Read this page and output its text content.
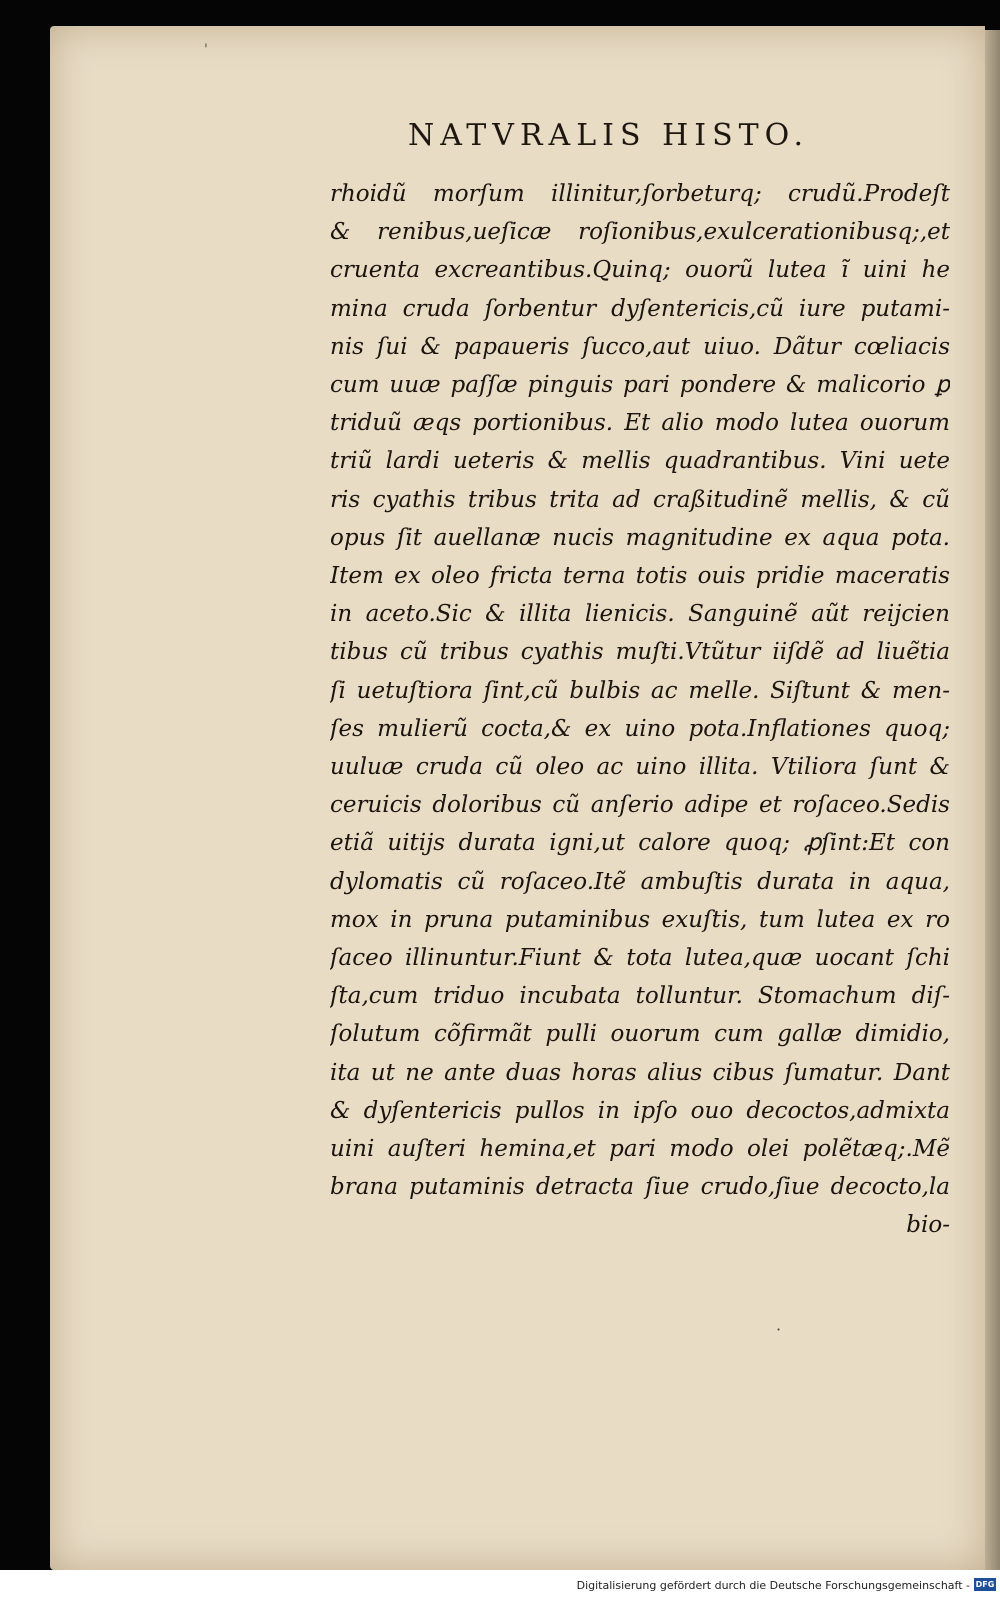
'
·
NATVRALIS HISTO.
rhoidũ morſum illinitur,ſorbeturq; crudũ.Prodeſt
& renibus,ueſicæ roſionibus,exulcerationibusq;,et
cruenta excreantibus.Quinq; ouorũ lutea ĩ uini he
mina cruda ſorbentur dyſentericis,cũ iure putami-
nis ſui & papaueris ſucco,aut uiuo. Dãtur cœliacis
cum uuæ paſſæ pinguis pari pondere & malicorio ꝑ
triduũ æqs portionibus. Et alio modo lutea ouorum
triũ lardi ueteris & mellis quadrantibus. Vini uete
ris cyathis tribus trita ad craßitudinẽ mellis, & cũ
opus ſit auellanæ nucis magnitudine ex aqua pota.
Item ex oleo fricta terna totis ouis pridie maceratis
in aceto.Sic & illita lienicis. Sanguinẽ aũt reijcien
tibus cũ tribus cyathis muſti.Vtũtur iiſdẽ ad liuẽtia
ſi uetuſtiora ſint,cũ bulbis ac melle. Siſtunt & men-
ſes mulierũ cocta,& ex uino pota.Inflationes quoq;
uuluæ cruda cũ oleo ac uino illita. Vtiliora ſunt &
ceruicis doloribus cũ anſerio adipe et roſaceo.Sedis
etiã uitijs durata igni,ut calore quoq; ꝓſint:Et con
dylomatis cũ roſaceo.Itẽ ambuſtis durata in aqua,
mox in pruna putaminibus exuſtis, tum lutea ex ro
ſaceo illinuntur.Fiunt & tota lutea,quæ uocant ſchi
ſta,cum triduo incubata tolluntur. Stomachum diſ-
ſolutum cõfirmãt pulli ouorum cum gallæ dimidio,
ita ut ne ante duas horas alius cibus ſumatur. Dant
& dyſentericis pullos in ipſo ouo decoctos,admixta
uini auſteri hemina,et pari modo olei polẽtæq;.Mẽ
brana putaminis detracta ſiue crudo,ſiue decocto,la
bio-
Digitalisierung gefördert durch die Deutsche Forschungsgemeinschaft - DFG
